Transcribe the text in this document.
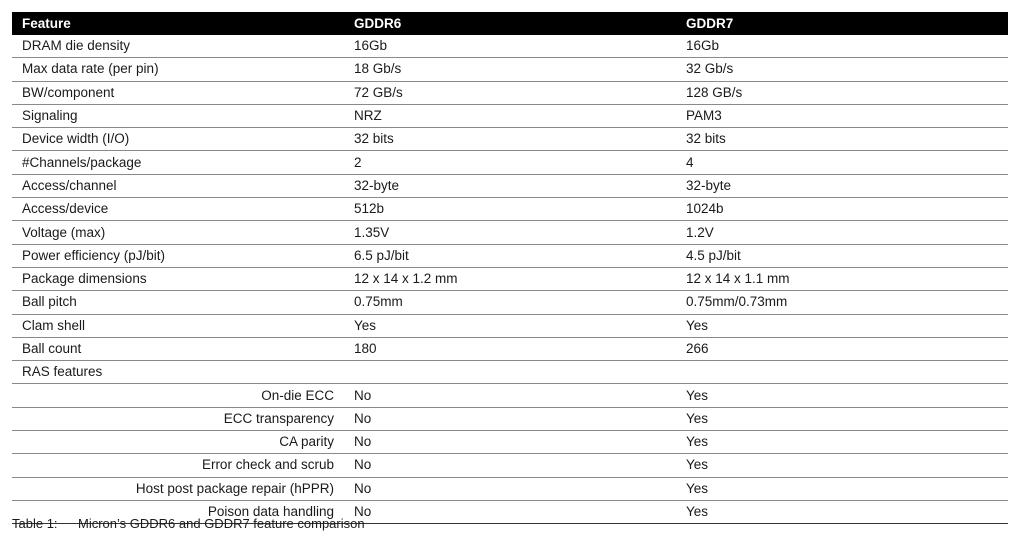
Feature	GDDR6	GDDR7
DRAM die density	16Gb	16Gb
Max data rate (per pin)	18 Gb/s	32 Gb/s
BW/component	72 GB/s	128 GB/s
Signaling	NRZ	PAM3
Device width (I/O)	32 bits	32 bits
#Channels/package	2	4
Access/channel	32-byte	32-byte
Access/device	512b	1024b
Voltage (max)	1.35V	1.2V
Power efficiency (pJ/bit)	6.5 pJ/bit	4.5 pJ/bit
Package dimensions	12 x 14 x 1.2 mm	12 x 14 x 1.1 mm
Ball pitch	0.75mm	0.75mm/0.73mm
Clam shell	Yes	Yes
Ball count	180	266
RAS features		
On-die ECC	No	Yes
ECC transparency	No	Yes
CA parity	No	Yes
Error check and scrub	No	Yes
Host post package repair (hPPR)	No	Yes
Poison data handling	No	Yes
Table 1: Micron’s GDDR6 and GDDR7 feature comparison
